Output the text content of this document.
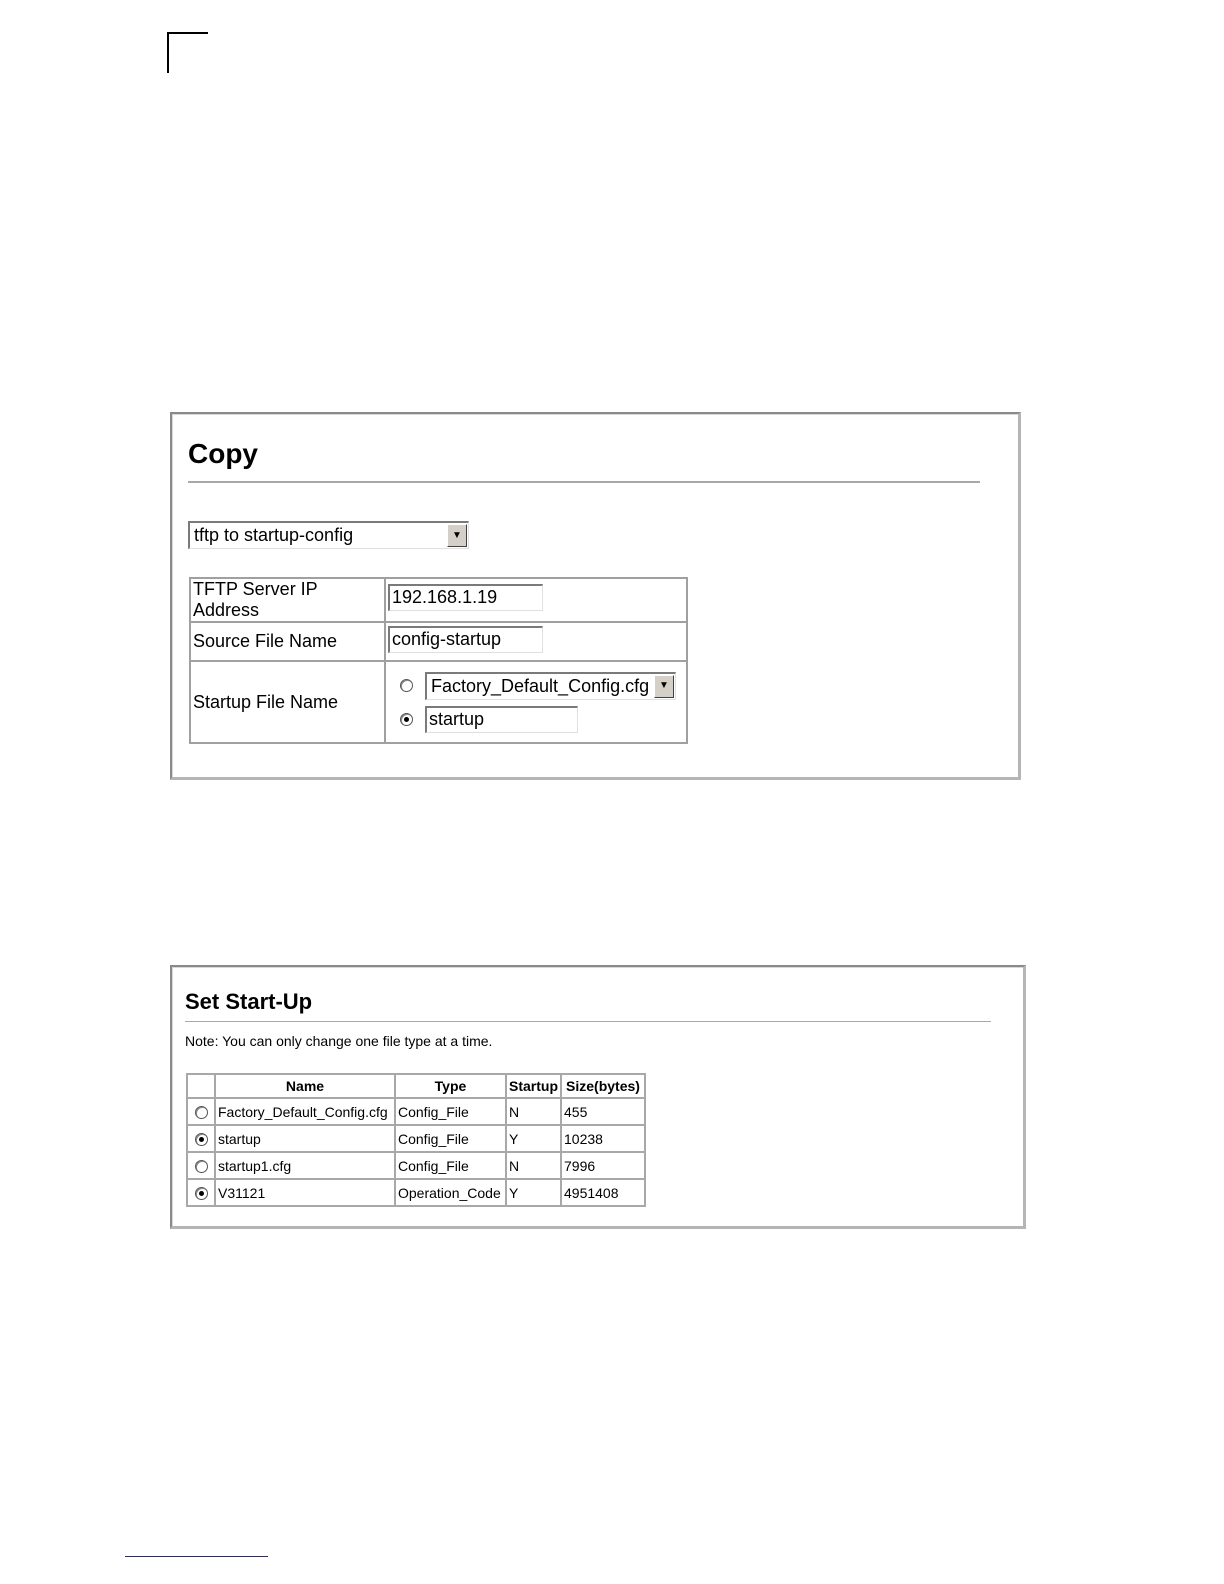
Copy
tftp to startup-config	▼
TFTP Server IP Address	192.168.1.19
Source File Name	config-startup
Startup File Name	Factory_Default_Config.cfg ▼
startup
Set Start-Up
Note: You can only change one file type at a time.
	Name	Type	Startup	Size(bytes)
	Factory_Default_Config.cfg	Config_File	N	455
	startup	Config_File	Y	10238
	startup1.cfg	Config_File	N	7996
	V31121	Operation_Code	Y	4951408
